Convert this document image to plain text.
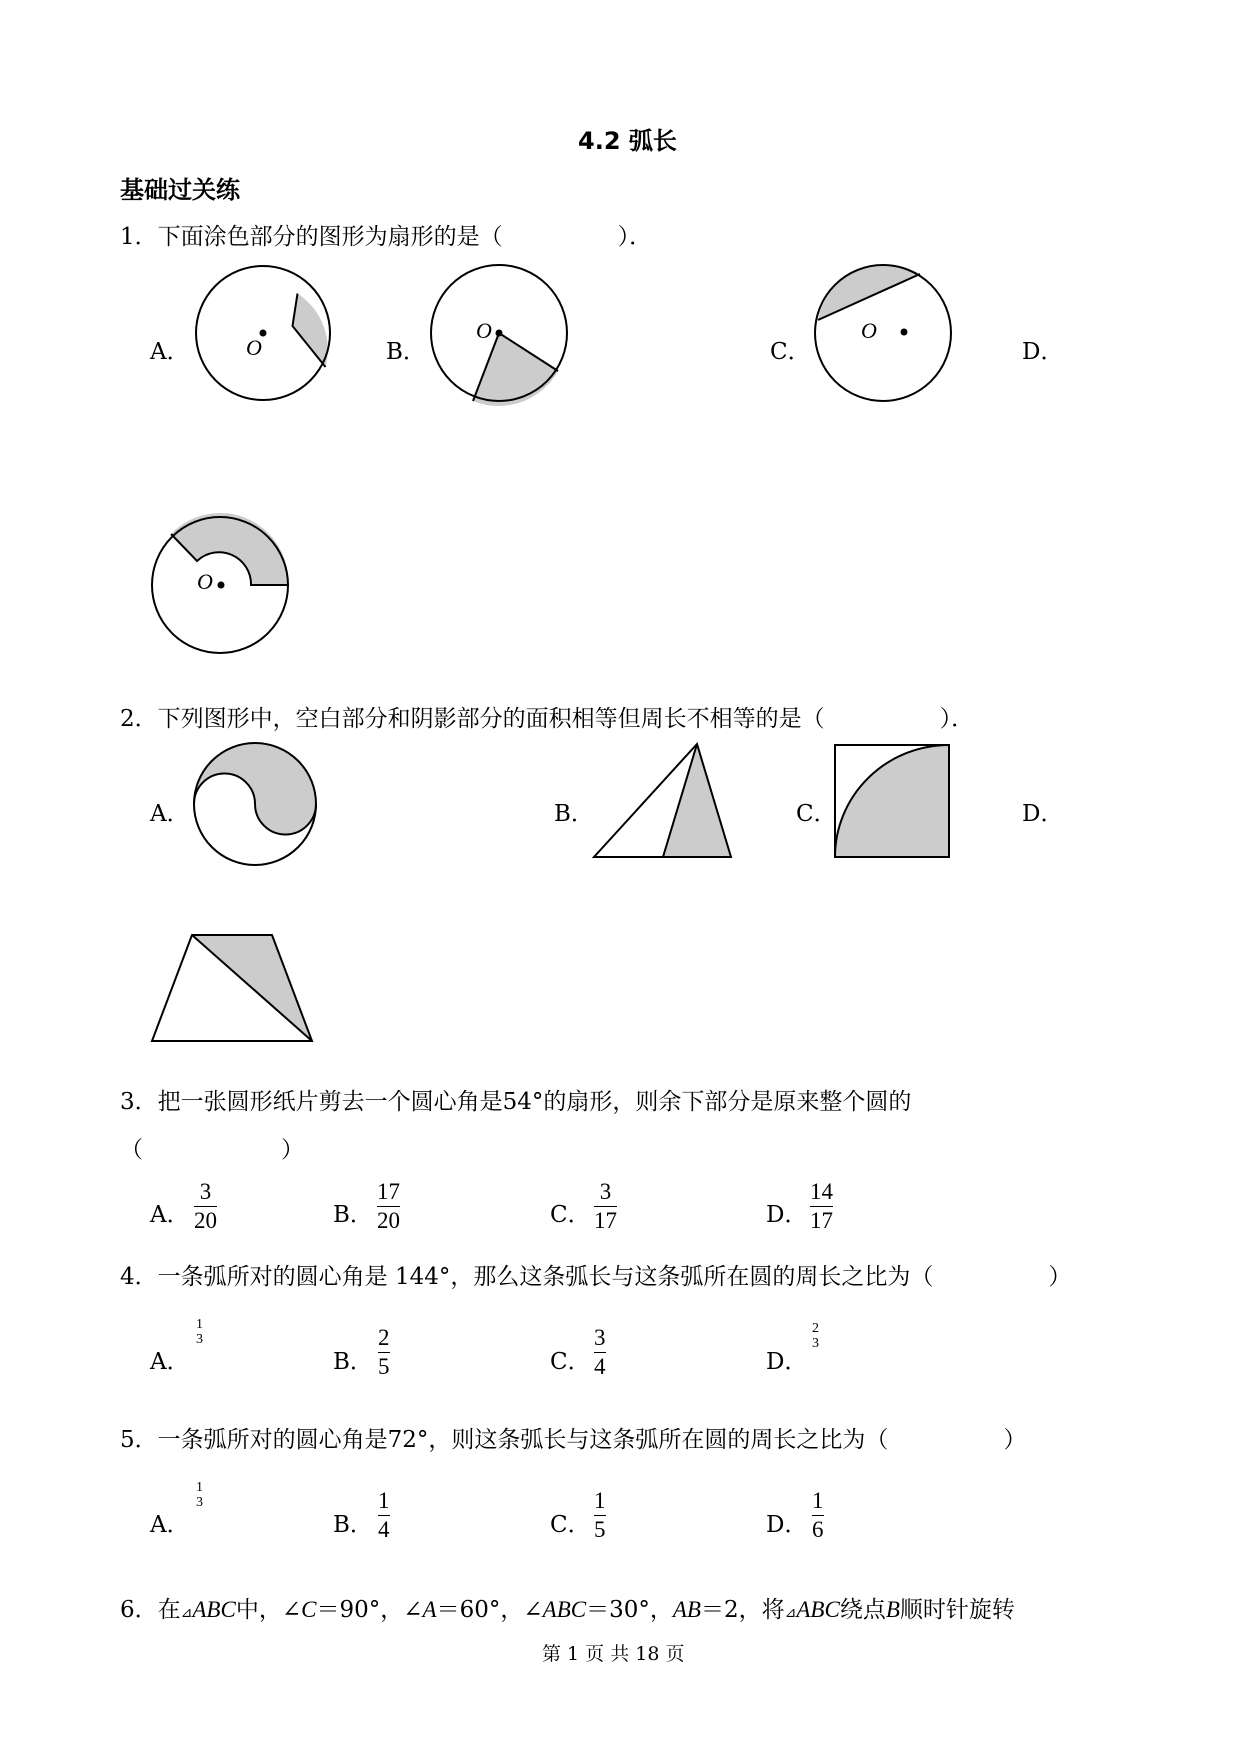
4.2 弧长
基础过关练
1．下面涂色部分的图形为扇形的是（　　　　　）．
A．	B．	C．	D．
O
O	O
O
2．下列图形中，空白部分和阴影部分的面积相等但周长不相等的是（　　　　　）．
A．	B．	C．	D．
3．把一张圆形纸片剪去一个圆心角是54°的扇形，则余下部分是原来整个圆的
（　　　　　　）
A．
3
20	B．
17
20	C．
3
17	D．
14
17
4．一条弧所对的圆心角是 144°，那么这条弧长与这条弧所在圆的周长之比为（　　　　　）
A．
1
3
B．
2
5	C．
3
4	D．
2
3
5．一条弧所对的圆心角是72°，则这条弧长与这条弧所在圆的周长之比为（　　　　　）
A．
1
3
B．
1
4	C．
1
5	D．
1
6
6．在⊿ABC中，∠C＝90°，∠A＝60°，∠ABC＝30°，AB＝2，将⊿ABC绕点B顺时针旋转
第 1 页 共 18 页
